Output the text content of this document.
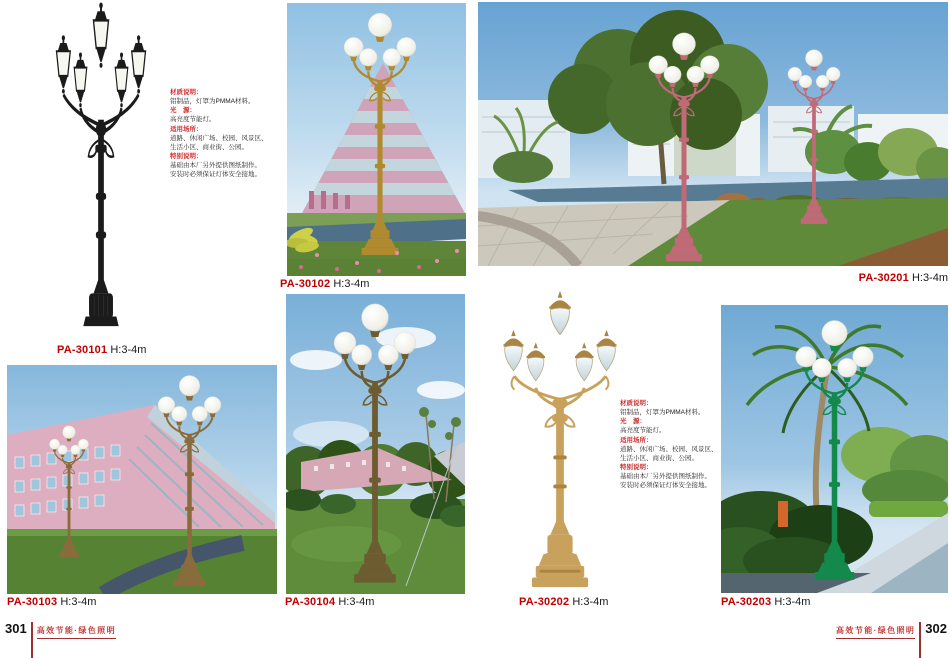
材质说明：
铝制品，灯罩为PMMA材料。
光　源：
高亮度节能灯。
适用场所：
道路、休闲广场、校园、风景区、
生活小区、商业街、公园。
特别说明：
基础由本厂另外提供图纸制作。
安装时必须保证灯体安全接地。
PA-30101 H:3-4m
PA-30102 H:3-4m	PA-30201 H:3-4m
PA-30103 H:3-4m	PA-30104 H:3-4m
材质说明：
铝制品，灯罩为PMMA材料。
光　源：
高亮度节能灯。
适用场所：
道路、休闲广场、校园、风景区、
生活小区、商业街、公园。
特别说明：
基础由本厂另外提供图纸制作。
安装时必须保证灯体安全接地。
PA-30202 H:3-4m	PA-30203 H:3-4m
301 高效节能·绿色照明	高效节能·绿色照明 302
